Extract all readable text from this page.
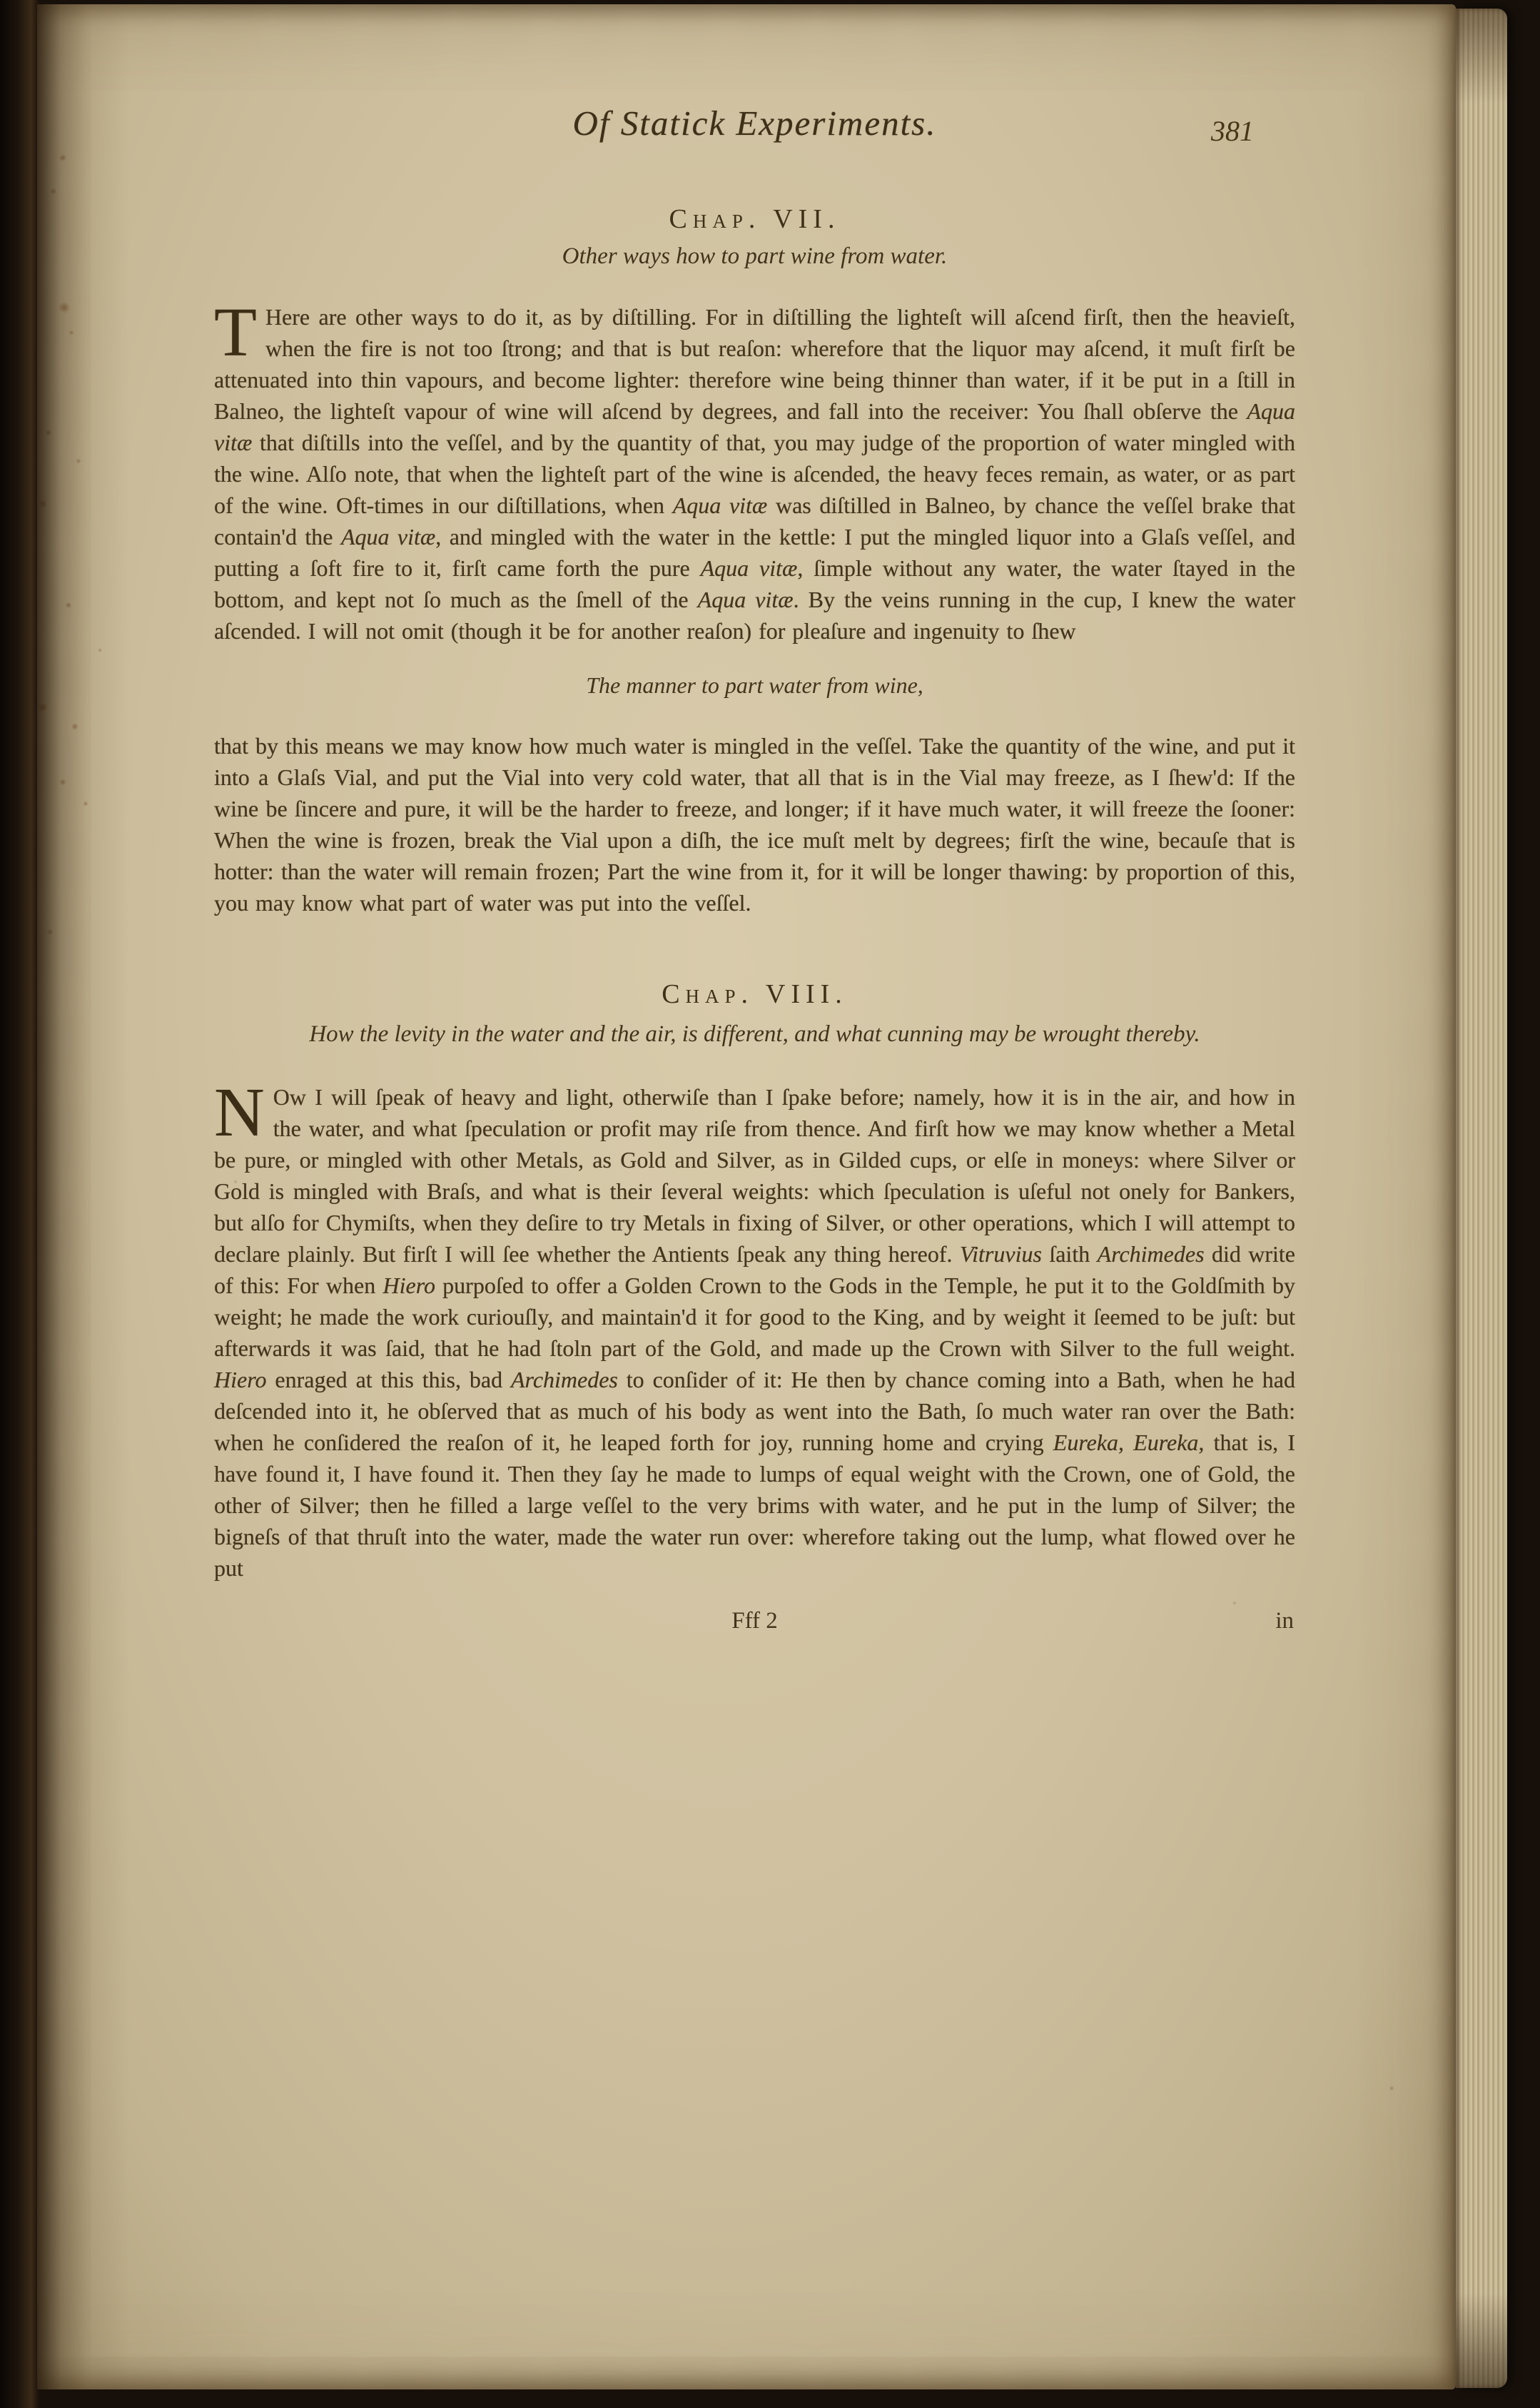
Of Statick Experiments.	381
Chap. VII.
Other ways how to part wine from water.

T Here are other ways to do it, as by diſtilling. For in diſtilling the lighteſt will aſcend firſt, then the heavieſt, when the fire is not too ſtrong; and that is but reaſon: wherefore that the liquor may aſcend, it muſt firſt be attenuated into thin vapours, and become lighter: therefore wine being thinner than water, if it be put in a ſtill in Balneo, the lighteſt vapour of wine will aſcend by degrees, and fall into the receiver: You ſhall obſerve the Aqua vitæ that diſtills into the veſſel, and by the quantity of that, you may judge of the proportion of water mingled with the wine. Alſo note, that when the lighteſt part of the wine is aſcended, the heavy feces remain, as water, or as part of the wine. Oft-times in our diſtillations, when Aqua vitæ was diſtilled in Balneo, by chance the veſſel brake that contain'd the Aqua vitæ, and mingled with the water in the kettle: I put the mingled liquor into a Glaſs veſſel, and putting a ſoft fire to it, firſt came forth the pure Aqua vitæ, ſimple without any water, the water ſtayed in the bottom, and kept not ſo much as the ſmell of the Aqua vitæ. By the veins running in the cup, I knew the water aſcended. I will not omit (though it be for another reaſon) for pleaſure and ingenuity to ſhew

The manner to part water from wine,

that by this means we may know how much water is mingled in the veſſel. Take the quantity of the wine, and put it into a Glaſs Vial, and put the Vial into very cold water, that all that is in the Vial may freeze, as I ſhew'd: If the wine be ſincere and pure, it will be the harder to freeze, and longer; if it have much water, it will freeze the ſooner: When the wine is frozen, break the Vial upon a diſh, the ice muſt melt by degrees; firſt the wine, becauſe that is hotter: than the water will remain frozen; Part the wine from it, for it will be longer thawing: by proportion of this, you may know what part of water was put into the veſſel.

Chap. VIII.
How the levity in the water and the air, is different, and what cunning may be wrought thereby.

N Ow I will ſpeak of heavy and light, otherwiſe than I ſpake before; namely, how it is in the air, and how in the water, and what ſpeculation or profit may riſe from thence. And firſt how we may know whether a Metal be pure, or mingled with other Metals, as Gold and Silver, as in Gilded cups, or elſe in moneys: where Silver or Gold is mingled with Braſs, and what is their ſeveral weights: which ſpeculation is uſeful not onely for Bankers, but alſo for Chymiſts, when they deſire to try Metals in fixing of Silver, or other operations, which I will attempt to declare plainly. But firſt I will ſee whether the Antients ſpeak any thing hereof. Vitruvius ſaith Archimedes did write of this: For when Hiero purpoſed to offer a Golden Crown to the Gods in the Temple, he put it to the Goldſmith by weight; he made the work curiouſly, and maintain'd it for good to the King, and by weight it ſeemed to be juſt: but afterwards it was ſaid, that he had ſtoln part of the Gold, and made up the Crown with Silver to the full weight. Hiero enraged at this this, bad Archimedes to conſider of it: He then by chance coming into a Bath, when he had deſcended into it, he obſerved that as much of his body as went into the Bath, ſo much water ran over the Bath: when he conſidered the reaſon of it, he leaped forth for joy, running home and crying Eureka, Eureka, that is, I have found it, I have found it. Then they ſay he made to lumps of equal weight with the Crown, one of Gold, the other of Silver; then he filled a large veſſel to the very brims with water, and he put in the lump of Silver; the bigneſs of that thruſt into the water, made the water run over: wherefore taking out the lump, what flowed over he put

Fff 2	in
